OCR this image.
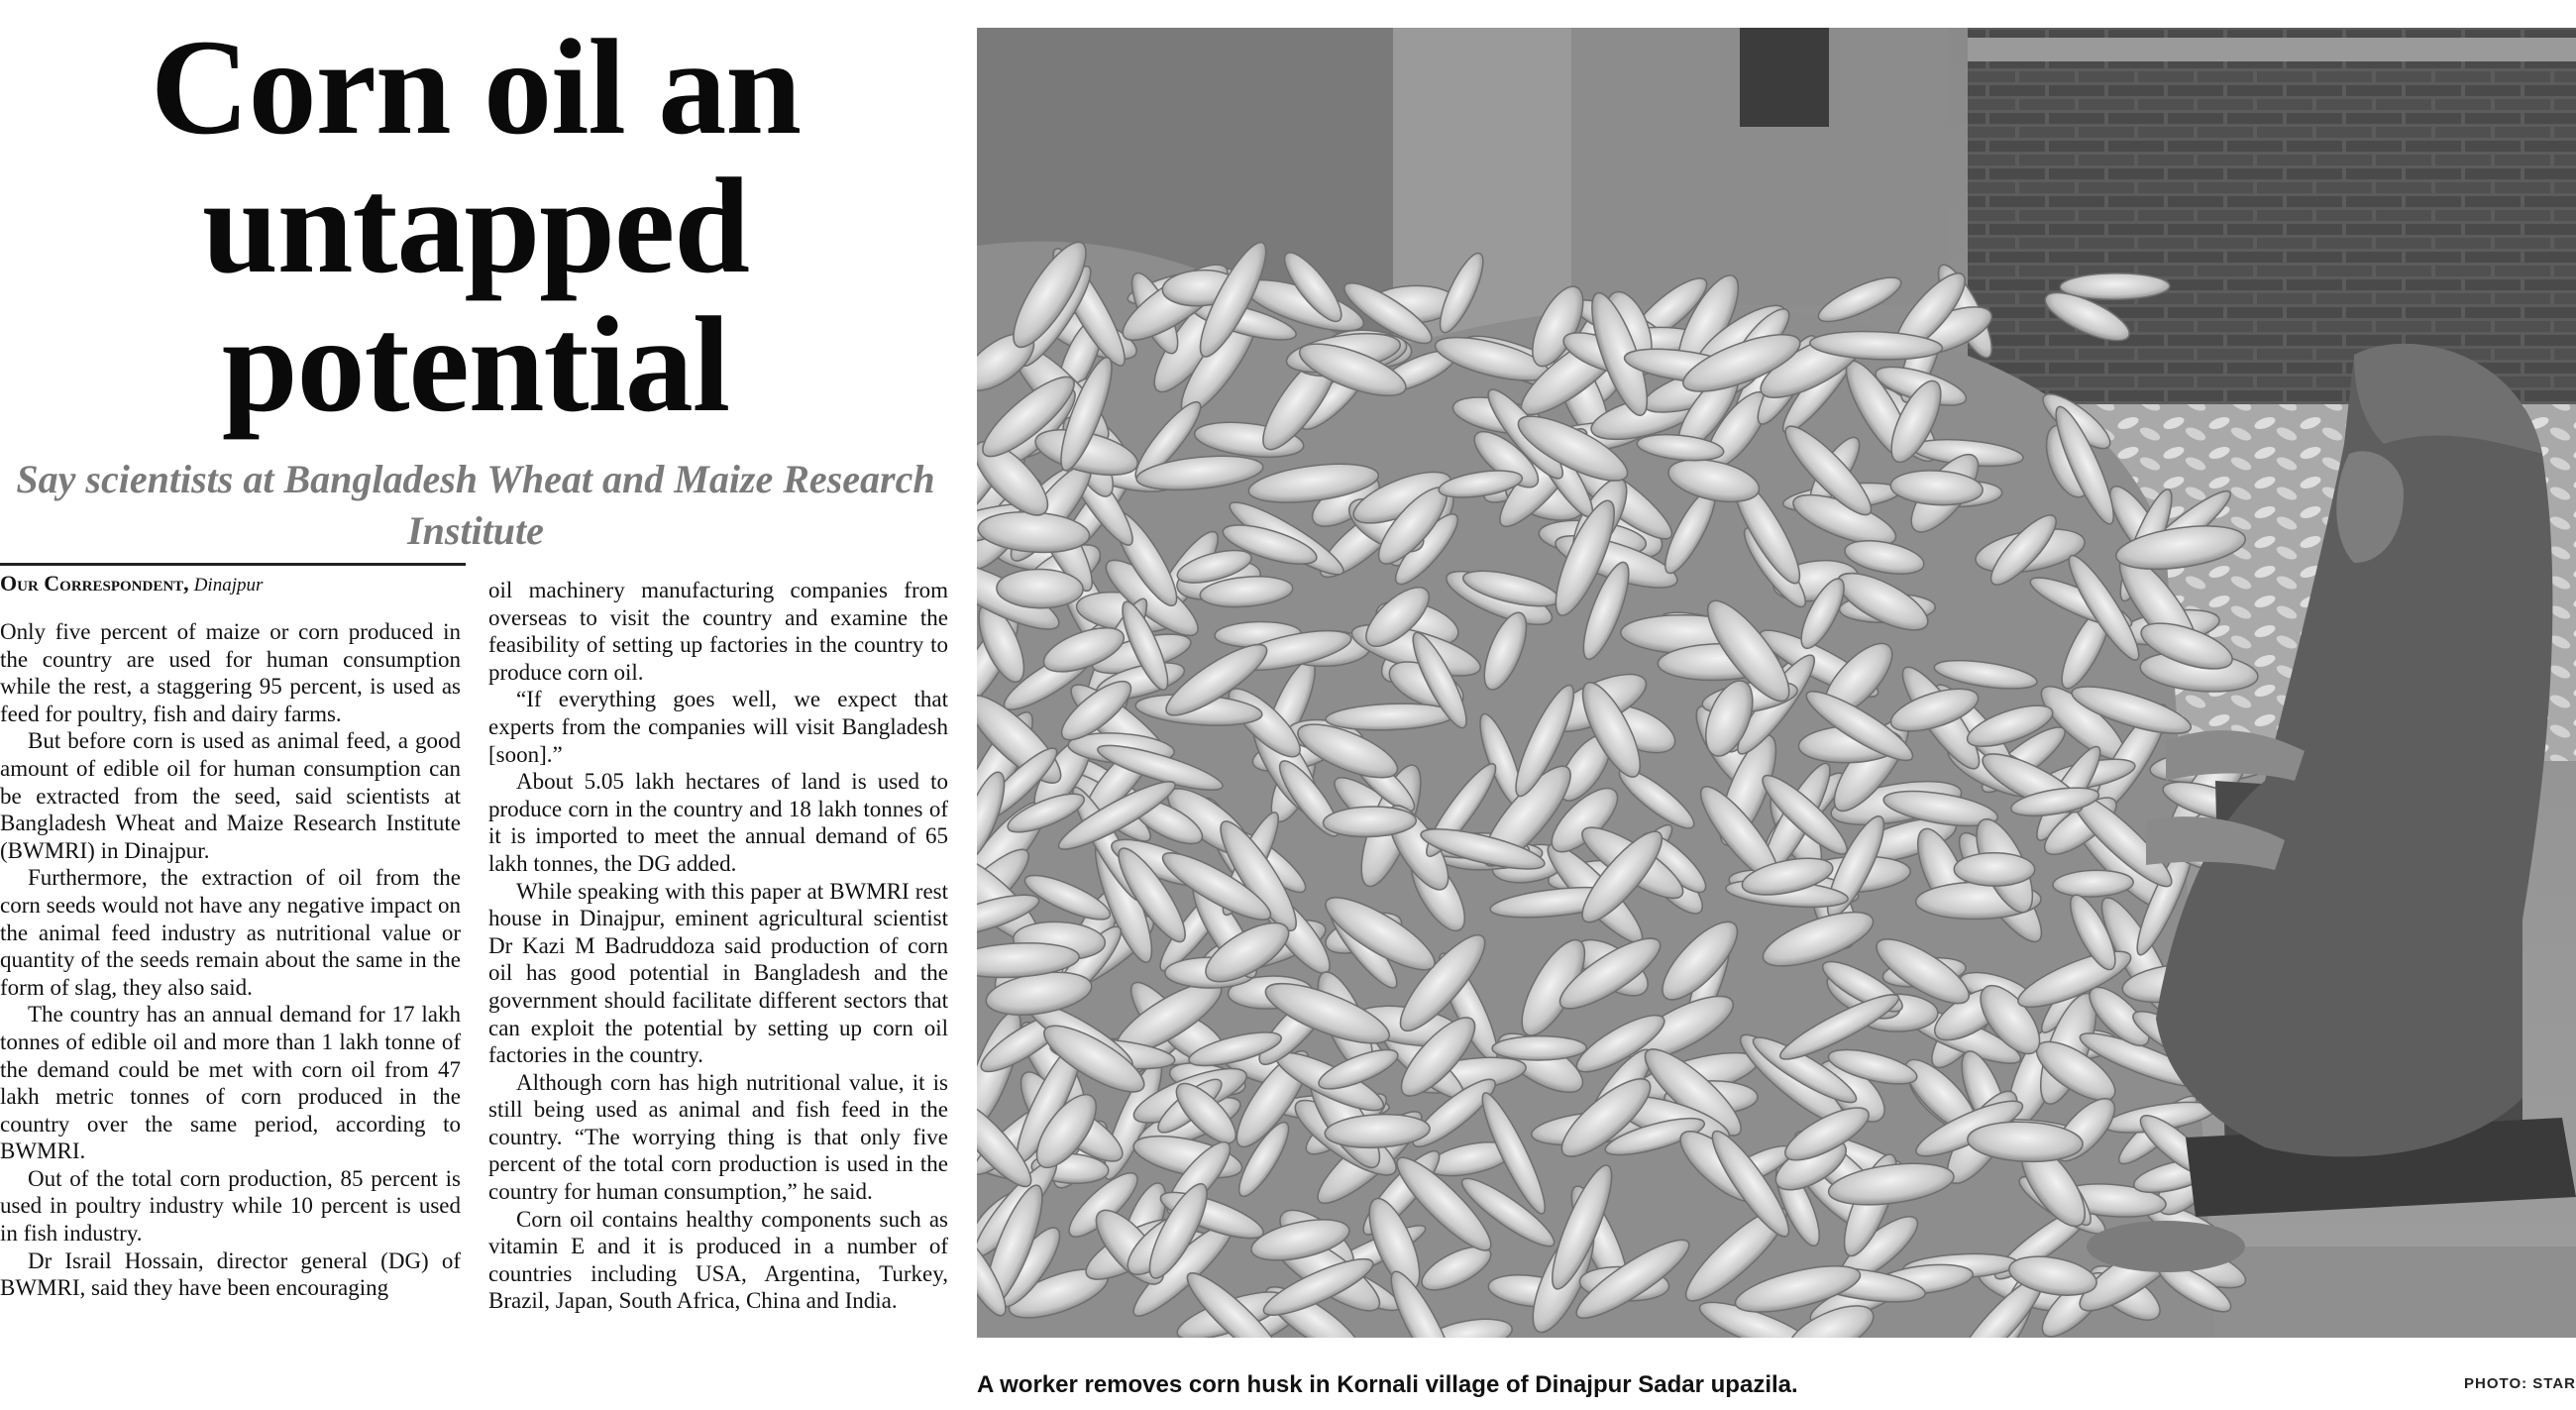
Corn oil an
untapped
potential
Say scientists at Bangladesh Wheat and Maize Research Institute
Our Correspondent, Dinajpur

Only five percent of maize or corn produced in the country are used for human consumption while the rest, a staggering 95 percent, is used as feed for poultry, fish and dairy farms.

But before corn is used as animal feed, a good amount of edible oil for human consumption can be extracted from the seed, said scientists at Bangladesh Wheat and Maize Research Institute (BWMRI) in Dinajpur.

Furthermore, the extraction of oil from the corn seeds would not have any negative impact on the animal feed industry as nutritional value or quantity of the seeds remain about the same in the form of slag, they also said.

The country has an annual demand for 17 lakh tonnes of edible oil and more than 1 lakh tonne of the demand could be met with corn oil from 47 lakh metric tonnes of corn produced in the country over the same period, according to BWMRI.

Out of the total corn production, 85 percent is used in poultry industry while 10 percent is used in fish industry.

Dr Israil Hossain, director general (DG) of BWMRI, said they have been encouraging

oil machinery manufacturing companies from overseas to visit the country and examine the feasibility of setting up factories in the country to produce corn oil.

“If everything goes well, we expect that experts from the companies will visit Bangladesh [soon].”

About 5.05 lakh hectares of land is used to produce corn in the country and 18 lakh tonnes of it is imported to meet the annual demand of 65 lakh tonnes, the DG added.

While speaking with this paper at BWMRI rest house in Dinajpur, eminent agricultural scientist Dr Kazi M Badruddoza said production of corn oil has good potential in Bangladesh and the government should facilitate different sectors that can exploit the potential by setting up corn oil factories in the country.

Although corn has high nutritional value, it is still being used as animal and fish feed in the country. “The worrying thing is that only five percent of the total corn production is used in the country for human consumption,” he said.

Corn oil contains healthy components such as vitamin E and it is produced in a number of countries including USA, Argentina, Turkey, Brazil, Japan, South Africa, China and India.

A worker removes corn husk in Kornali village of Dinajpur Sadar upazila.	PHOTO: STAR
